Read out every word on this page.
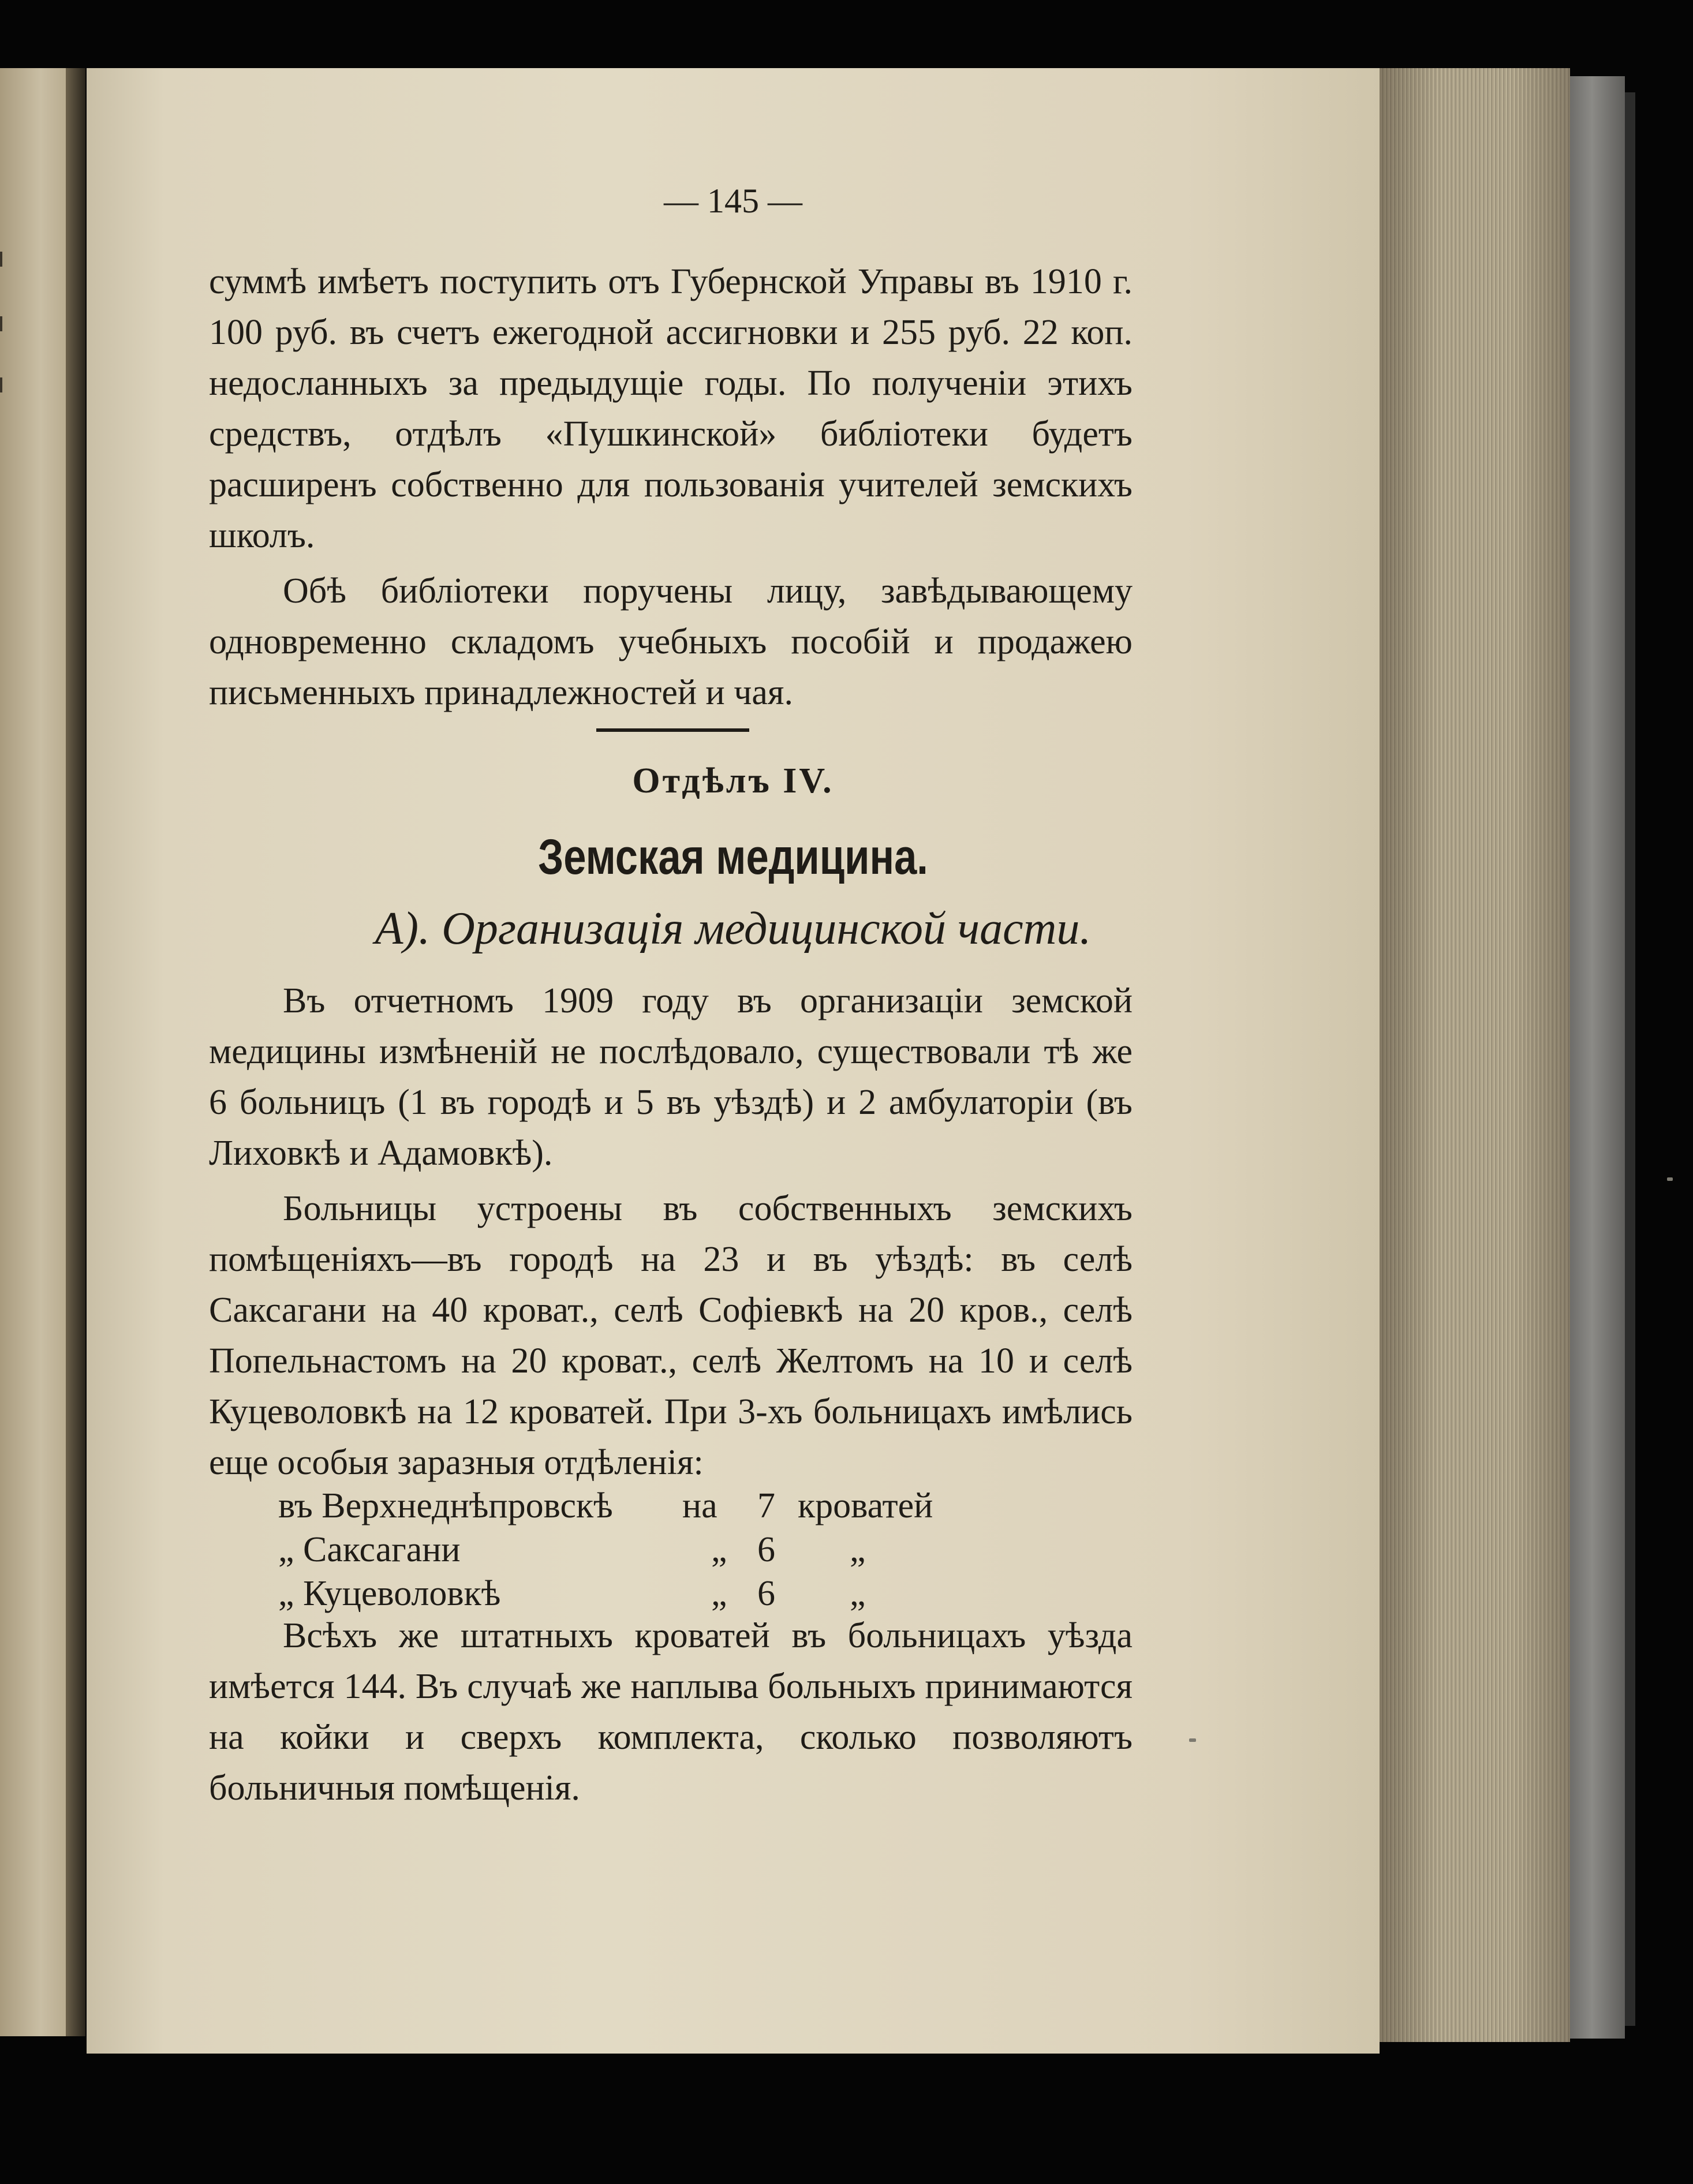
— 145 —

суммѣ имѣетъ поступить отъ Губернской Управы въ 1910 г. 100 руб. въ счетъ ежегодной ассигновки и 255 руб. 22 коп. недосланныхъ за предыдущіе годы. По полученіи этихъ средствъ, отдѣлъ «Пушкинской» библіотеки будетъ расширенъ собственно для пользованія учителей земскихъ школъ.

Обѣ библіотеки поручены лицу, завѣдывающему одновременно складомъ учебныхъ пособій и продажею письменныхъ принадлежностей и чая.

Отдѣлъ IV.
Земская медицина.
А). Организація медицинской части.

Въ отчетномъ 1909 году въ организаціи земской медицины измѣненій не послѣдовало, существовали тѣ же 6 больницъ (1 въ городѣ и 5 въ уѣздѣ) и 2 амбулаторіи (въ Лиховкѣ и Адамовкѣ).

Больницы устроены въ собственныхъ земскихъ помѣщеніяхъ—въ городѣ на 23 и въ уѣздѣ: въ селѣ Саксагани на 40 кроват., селѣ Софіевкѣ на 20 кров., селѣ Попельнастомъ на 20 кроват., селѣ Желтомъ на 10 и селѣ Куцеволовкѣ на 12 кроватей. При 3-хъ больницахъ имѣлись еще особыя заразныя отдѣленія:

въ Верхнеднѣпровскѣ на 7 кроватей
„ Саксагани	„ 6 „
„ Куцеволовкѣ	„ 6 „

Всѣхъ же штатныхъ кроватей въ больницахъ уѣзда имѣется 144. Въ случаѣ же наплыва больныхъ принимаются на койки и сверхъ комплекта, сколько позволяютъ больничныя помѣщенія.
